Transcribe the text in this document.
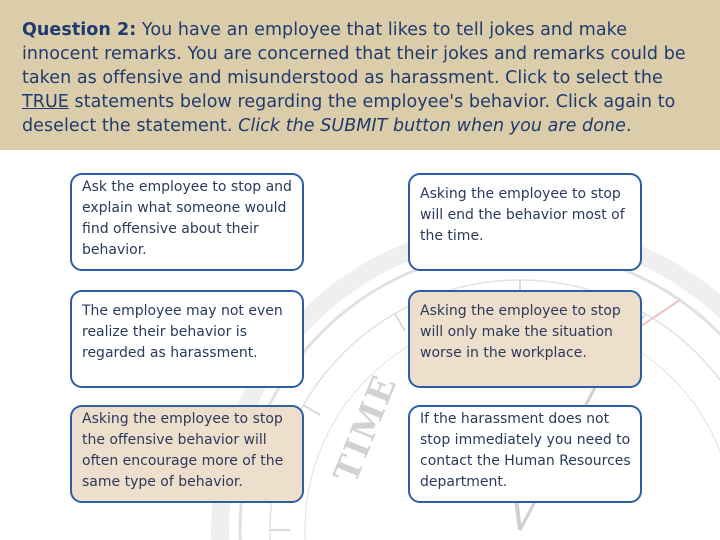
Question 2: You have an employee that likes to tell jokes and make innocent remarks. You are concerned that their jokes and remarks could be taken as offensive and misunderstood as harassment. Click to select the TRUE statements below regarding the employee's behavior. Click again to deselect the statement. Click the SUBMIT button when you are done.
TIME
Ask the employee to stop and explain what someone would find offensive about their behavior.
Asking the employee to stop will end the behavior most of the time.
The employee may not even realize their behavior is regarded as harassment.
Asking the employee to stop will only make the situation worse in the workplace.
Asking the employee to stop the offensive behavior will often encourage more of the same type of behavior.
If the harassment does not stop immediately you need to contact the Human Resources department.
